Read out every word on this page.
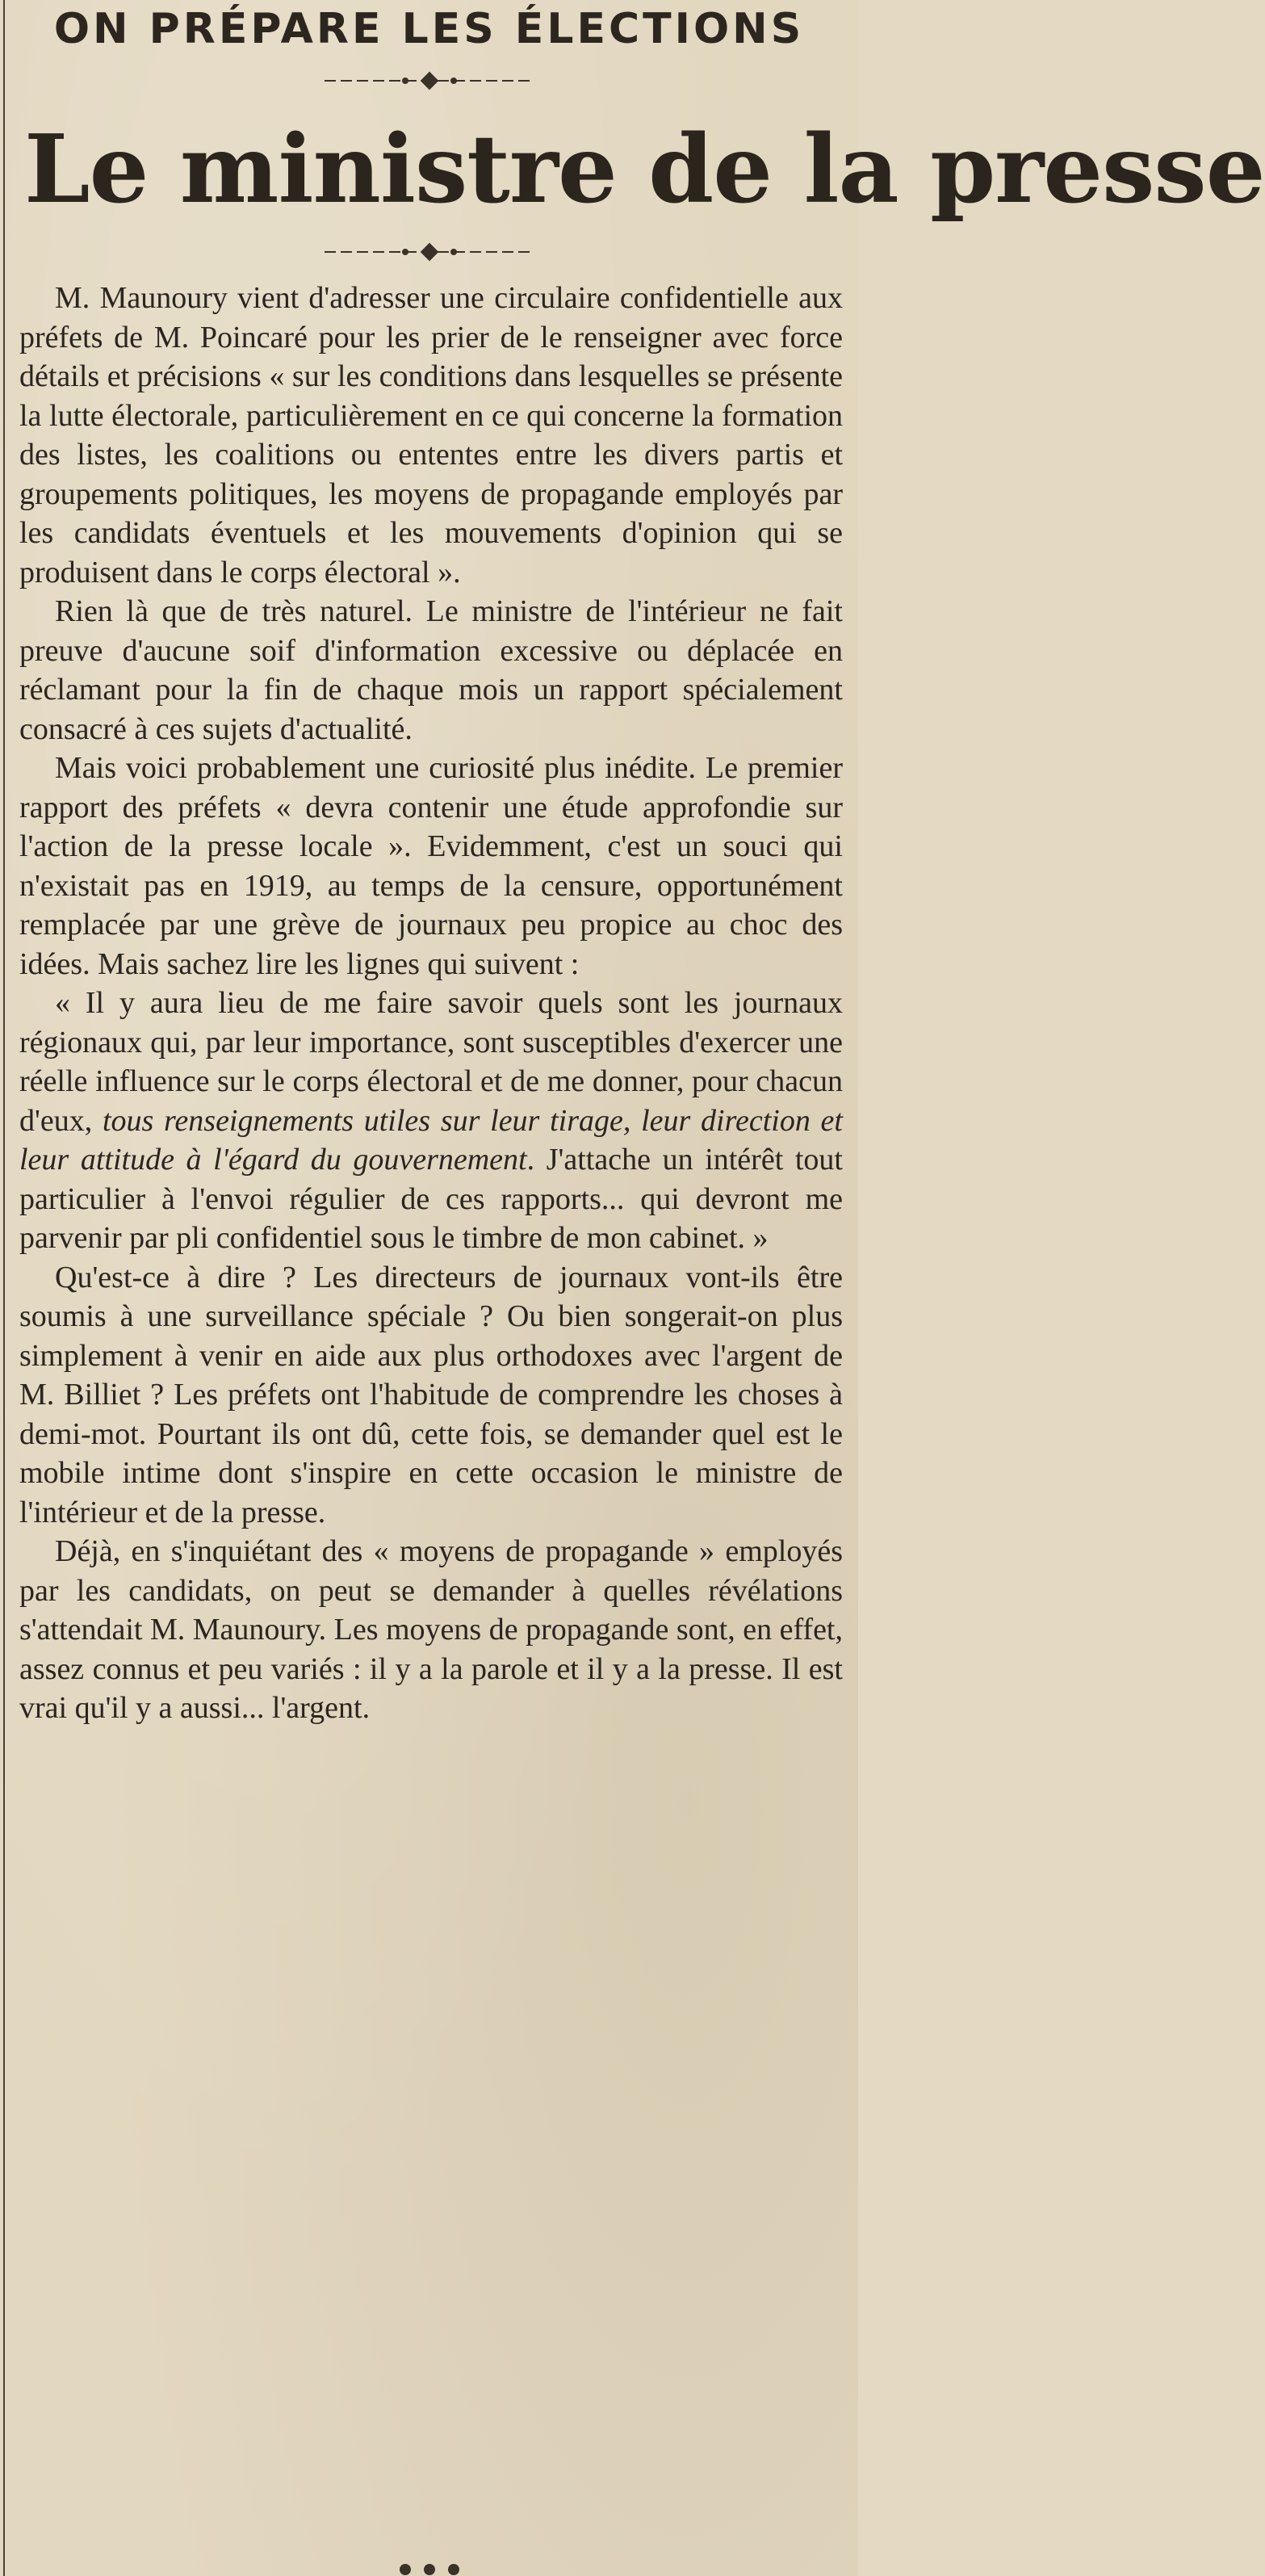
ON PRÉPARE LES ÉLECTIONS
Le ministre de la presse

M. Maunoury vient d'adresser une circulaire confidentielle aux préfets de M. Poincaré pour les prier de le renseigner avec force détails et précisions « sur les conditions dans lesquelles se présente la lutte électorale, particulièrement en ce qui concerne la formation des listes, les coalitions ou ententes entre les divers partis et groupements politiques, les moyens de propagande employés par les candidats éventuels et les mouvements d'opinion qui se produisent dans le corps électoral ».

Rien là que de très naturel. Le ministre de l'intérieur ne fait preuve d'aucune soif d'information excessive ou déplacée en réclamant pour la fin de chaque mois un rapport spécialement consacré à ces sujets d'actualité.

Mais voici probablement une curiosité plus inédite. Le premier rapport des préfets « devra contenir une étude approfondie sur l'action de la presse locale ». Evidemment, c'est un souci qui n'existait pas en 1919, au temps de la censure, opportunément remplacée par une grève de journaux peu propice au choc des idées. Mais sachez lire les lignes qui suivent :

« Il y aura lieu de me faire savoir quels sont les journaux régionaux qui, par leur importance, sont susceptibles d'exercer une réelle influence sur le corps électoral et de me donner, pour chacun d'eux, tous renseignements utiles sur leur tirage, leur direction et leur attitude à l'égard du gouvernement. J'attache un intérêt tout particulier à l'envoi régulier de ces rapports... qui devront me parvenir par pli confidentiel sous le timbre de mon cabinet. »

Qu'est-ce à dire ? Les directeurs de journaux vont-ils être soumis à une surveillance spéciale ? Ou bien songerait-on plus simplement à venir en aide aux plus orthodoxes avec l'argent de M. Billiet ? Les préfets ont l'habitude de comprendre les choses à demi-mot. Pourtant ils ont dû, cette fois, se demander quel est le mobile intime dont s'inspire en cette occasion le ministre de l'intérieur et de la presse.

Déjà, en s'inquiétant des « moyens de propagande » employés par les candidats, on peut se demander à quelles révélations s'attendait M. Maunoury. Les moyens de propagande sont, en effet, assez connus et peu variés : il y a la parole et il y a la presse. Il est vrai qu'il y a aussi... l'argent.
